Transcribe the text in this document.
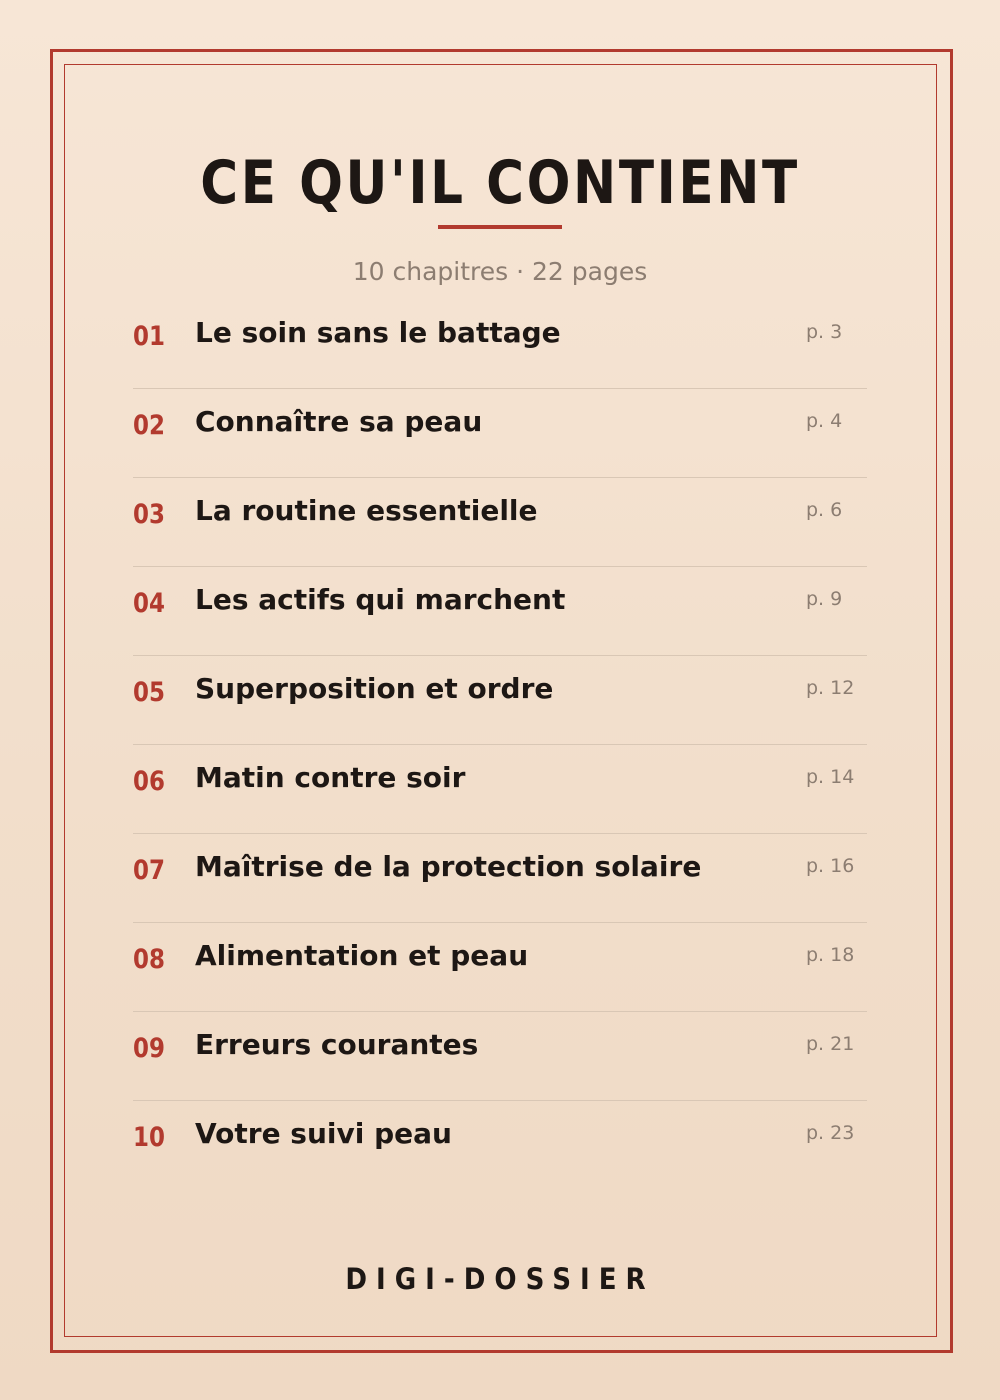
CE QU'IL CONTIENT
10 chapitres · 22 pages
01 Le soin sans le battage	p. 3
02 Connaître sa peau	p. 4
03 La routine essentielle	p. 6
04 Les actifs qui marchent	p. 9
05 Superposition et ordre	p. 12
06 Matin contre soir	p. 14
07 Maîtrise de la protection solaire	p. 16
08 Alimentation et peau	p. 18
09 Erreurs courantes	p. 21
10 Votre suivi peau	p. 23
DIGI-DOSSIER
